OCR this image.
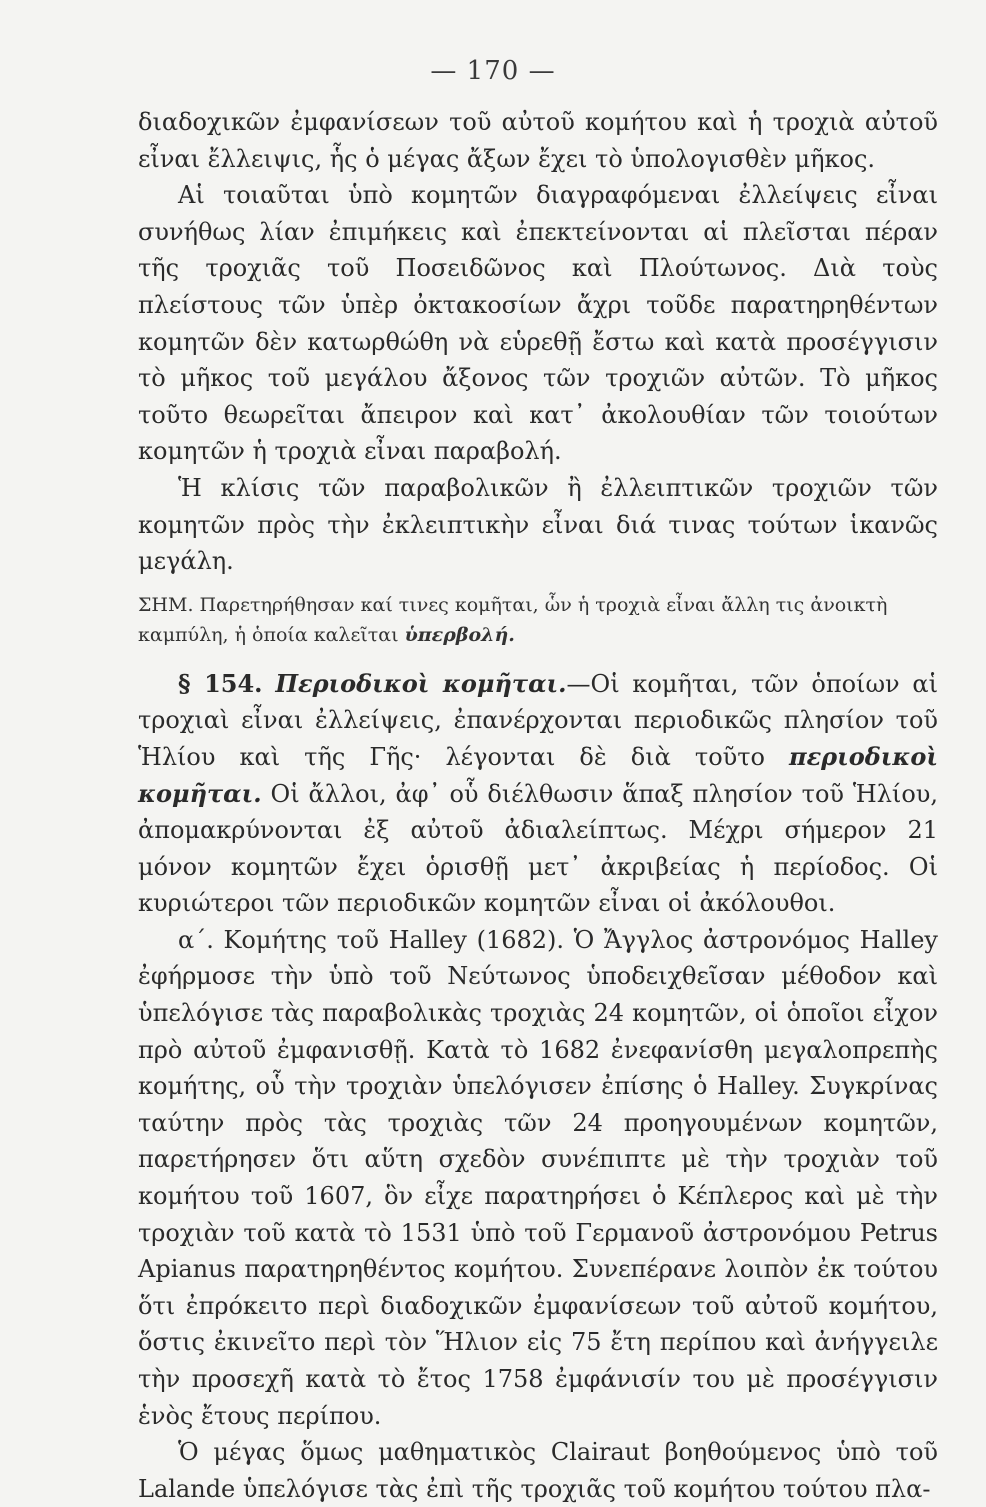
— 170 —

διαδοχικῶν ἐμφανίσεων τοῦ αὐτοῦ κομήτου καὶ ἡ τροχιὰ αὐτοῦ εἶναι ἔλλειψις, ἧς ὁ μέγας ἄξων ἔχει τὸ ὑπολογισθὲν μῆκος.

Αἱ τοιαῦται ὑπὸ κομητῶν διαγραφόμεναι ἐλλείψεις εἶναι συνήθως λίαν ἐπιμήκεις καὶ ἐπεκτείνονται αἱ πλεῖσται πέραν τῆς τροχιᾶς τοῦ Ποσειδῶνος καὶ Πλούτωνος. Διὰ τοὺς πλείστους τῶν ὑπὲρ ὀκτακοσίων ἄχρι τοῦδε παρατηρηθέντων κομητῶν δὲν κατωρθώθη νὰ εὑρεθῇ ἔστω καὶ κατὰ προσέγγισιν τὸ μῆκος τοῦ μεγάλου ἄξονος τῶν τροχιῶν αὐτῶν. Τὸ μῆκος τοῦτο θεωρεῖται ἄπειρον καὶ κατ᾽ ἀκολουθίαν τῶν τοιούτων κομητῶν ἡ τροχιὰ εἶναι παραβολή.

Ἡ κλίσις τῶν παραβολικῶν ἢ ἐλλειπτικῶν τροχιῶν τῶν κομητῶν πρὸς τὴν ἐκλειπτικὴν εἶναι διά τινας τούτων ἱκανῶς μεγάλη.

ΣΗΜ. Παρετηρήθησαν καί τινες κομῆται, ὧν ἡ τροχιὰ εἶναι ἄλλη τις ἀνοικτὴ καμπύλη, ἡ ὁποία καλεῖται ὑπερβολή.

§ 154. Περιοδικοὶ κομῆται.—Οἱ κομῆται, τῶν ὁποίων αἱ τροχιαὶ εἶναι ἐλλείψεις, ἐπανέρχονται περιοδικῶς πλησίον τοῦ Ἡλίου καὶ τῆς Γῆς· λέγονται δὲ διὰ τοῦτο περιοδικοὶ κομῆται. Οἱ ἄλλοι, ἀφ᾽ οὗ διέλθωσιν ἅπαξ πλησίον τοῦ Ἡλίου, ἀπομακρύνονται ἐξ αὐτοῦ ἀδιαλείπτως. Μέχρι σήμερον 21 μόνον κομητῶν ἔχει ὁρισθῇ μετ᾽ ἀκριβείας ἡ περίοδος. Οἱ κυριώτεροι τῶν περιοδικῶν κομητῶν εἶναι οἱ ἀκόλουθοι.

α΄. Κομήτης τοῦ Halley (1682). Ὁ Ἄγγλος ἀστρονόμος Halley ἐφήρμοσε τὴν ὑπὸ τοῦ Νεύτωνος ὑποδειχθεῖσαν μέθοδον καὶ ὑπελόγισε τὰς παραβολικὰς τροχιὰς 24 κομητῶν, οἱ ὁποῖοι εἶχον πρὸ αὐτοῦ ἐμφανισθῇ. Κατὰ τὸ 1682 ἐνεφανίσθη μεγαλοπρεπὴς κομήτης, οὗ τὴν τροχιὰν ὑπελόγισεν ἐπίσης ὁ Halley. Συγκρίνας ταύτην πρὸς τὰς τροχιὰς τῶν 24 προηγουμένων κομητῶν, παρετήρησεν ὅτι αὕτη σχεδὸν συνέπιπτε μὲ τὴν τροχιὰν τοῦ κομήτου τοῦ 1607, ὃν εἶχε παρατηρήσει ὁ Κέπλερος καὶ μὲ τὴν τροχιὰν τοῦ κατὰ τὸ 1531 ὑπὸ τοῦ Γερμανοῦ ἀστρονόμου Petrus Apianus παρατηρηθέντος κομήτου. Συνεπέρανε λοιπὸν ἐκ τούτου ὅτι ἐπρόκειτο περὶ διαδοχικῶν ἐμφανίσεων τοῦ αὐτοῦ κομήτου, ὅστις ἐκινεῖτο περὶ τὸν Ἥλιον εἰς 75 ἔτη περίπου καὶ ἀνήγγειλε τὴν προσεχῆ κατὰ τὸ ἔτος 1758 ἐμφάνισίν του μὲ προσέγγισιν ἑνὸς ἔτους περίπου.

Ὁ μέγας ὅμως μαθηματικὸς Clairaut βοηθούμενος ὑπὸ τοῦ Lalande ὑπελόγισε τὰς ἐπὶ τῆς τροχιᾶς τοῦ κομήτου τούτου πλα-
